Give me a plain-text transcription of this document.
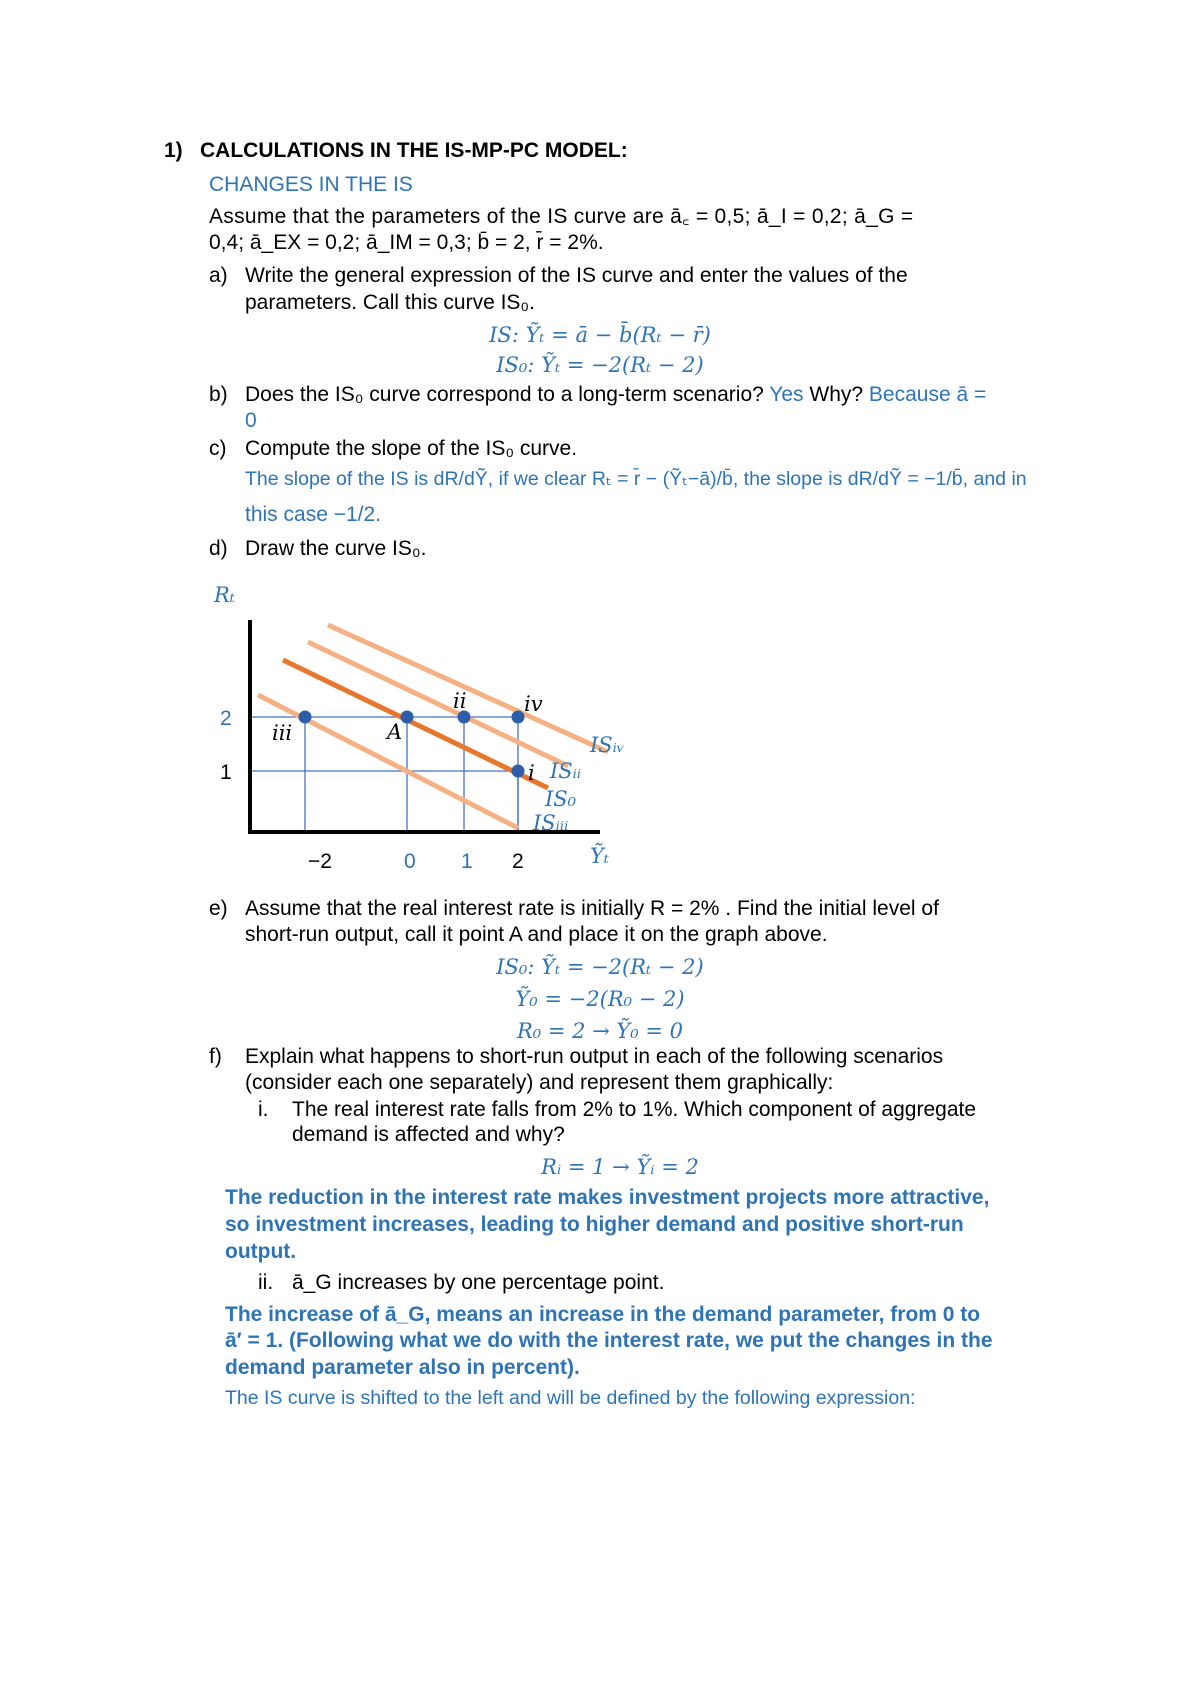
1) CALCULATIONS IN THE IS-MP-PC MODEL:
CHANGES IN THE IS
Assume that the parameters of the IS curve are ā꜀ = 0,5; ā_I = 0,2; ā_G =
0,4; ā_EX = 0,2; ā_IM = 0,3; b̄ = 2, r̄ = 2%.
a) Write the general expression of the IS curve and enter the values of the
parameters. Call this curve IS₀.
IS: Ỹₜ = ā − b̄(Rₜ − r̄)
IS₀: Ỹₜ = −2(Rₜ − 2)
b) Does the IS₀ curve correspond to a long-term scenario? Yes Why? Because ā =
0
c) Compute the slope of the IS₀ curve.
The slope of the IS is dR/dỸ, if we clear Rₜ = r̄ − (Ỹₜ−ā)/b̄, the slope is dR/dỸ = −1/b̄, and in
this case −1/2.
d) Draw the curve IS₀.
Rₜ
Ỹₜ
2
1
−2	0 1 2
ISᵢᵥ
ISᵢᵢ
IS₀
ISᵢᵢᵢ
iii	A
ii	iv
i
e) Assume that the real interest rate is initially R = 2% . Find the initial level of
short-run output, call it point A and place it on the graph above.
IS₀: Ỹₜ = −2(Rₜ − 2)
Ỹ₀ = −2(R₀ − 2)
R₀ = 2 → Ỹ₀ = 0
f) Explain what happens to short-run output in each of the following scenarios
(consider each one separately) and represent them graphically:
i. The real interest rate falls from 2% to 1%. Which component of aggregate
demand is affected and why?
Rᵢ = 1 → Ỹᵢ = 2
The reduction in the interest rate makes investment projects more attractive,
so investment increases, leading to higher demand and positive short-run
output.
ii. ā_G increases by one percentage point.
The increase of ā_G, means an increase in the demand parameter, from 0 to
ā′ = 1. (Following what we do with the interest rate, we put the changes in the
demand parameter also in percent).
The IS curve is shifted to the left and will be defined by the following expression:
